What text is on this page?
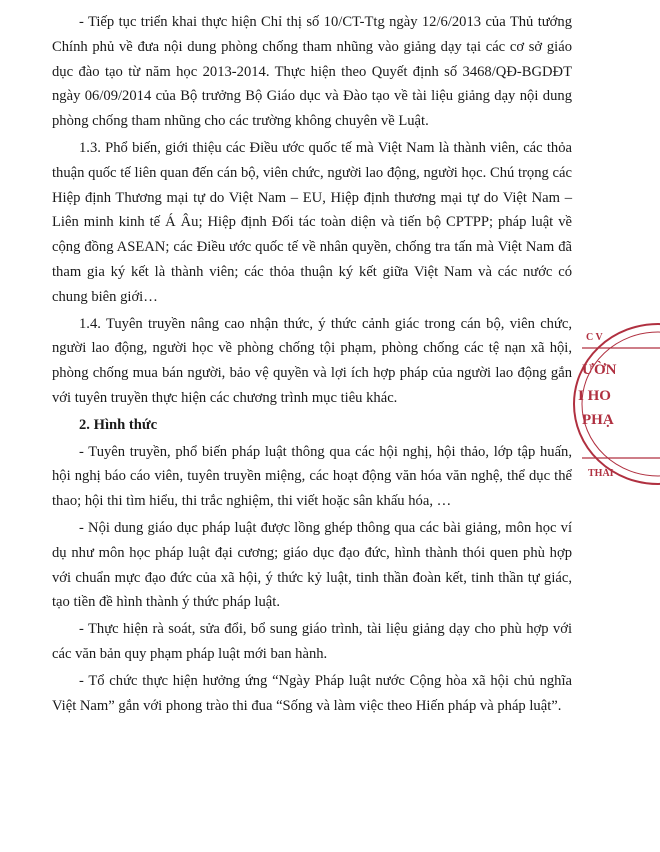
- Tiếp tục triển khai thực hiện Chỉ thị số 10/CT-Ttg ngày 12/6/2013 của Thủ tướng Chính phủ về đưa nội dung phòng chống tham nhũng vào giảng dạy tại các cơ sở giáo dục đào tạo từ năm học 2013-2014. Thực hiện theo Quyết định số 3468/QĐ-BGDĐT ngày 06/09/2014 của Bộ trưởng Bộ Giáo dục và Đào tạo về tài liệu giảng dạy nội dung phòng chống tham nhũng cho các trường không chuyên về Luật.

1.3. Phổ biến, giới thiệu các Điều ước quốc tế mà Việt Nam là thành viên, các thỏa thuận quốc tế liên quan đến cán bộ, viên chức, người lao động, người học. Chú trọng các Hiệp định Thương mại tự do Việt Nam – EU, Hiệp định thương mại tự do Việt Nam – Liên minh kinh tế Á Âu; Hiệp định Đối tác toàn diện và tiến bộ CPTPP; pháp luật về cộng đồng ASEAN; các Điều ước quốc tế về nhân quyền, chống tra tấn mà Việt Nam đã tham gia ký kết là thành viên; các thỏa thuận ký kết giữa Việt Nam và các nước có chung biên giới…

1.4. Tuyên truyền nâng cao nhận thức, ý thức cảnh giác trong cán bộ, viên chức, người lao động, người học về phòng chống tội phạm, phòng chống các tệ nạn xã hội, phòng chống mua bán người, bảo vệ quyền và lợi ích hợp pháp của người lao động gắn với tuyên truyền thực hiện các chương trình mục tiêu khác.

2. Hình thức

- Tuyên truyền, phổ biến pháp luật thông qua các hội nghị, hội thảo, lớp tập huấn, hội nghị báo cáo viên, tuyên truyền miệng, các hoạt động văn hóa văn nghệ, thể dục thể thao; hội thi tìm hiểu, thi trắc nghiệm, thi viết hoặc sân khấu hóa, …

- Nội dung giáo dục pháp luật được lồng ghép thông qua các bài giảng, môn học ví dụ như môn học pháp luật đại cương; giáo dục đạo đức, hình thành thói quen phù hợp với chuẩn mực đạo đức của xã hội, ý thức kỷ luật, tinh thần đoàn kết, tinh thần tự giác, tạo tiền đề hình thành ý thức pháp luật.

- Thực hiện rà soát, sửa đổi, bổ sung giáo trình, tài liệu giảng dạy cho phù hợp với các văn bản quy phạm pháp luật mới ban hành.

- Tổ chức thực hiện hưởng ứng “Ngày Pháp luật nước Cộng hòa xã hội chủ nghĩa Việt Nam” gắn với phong trào thi đua “Sống và làm việc theo Hiến pháp và pháp luật”.

C V
ƯỜN
I HO
PHẠ
THÁI
